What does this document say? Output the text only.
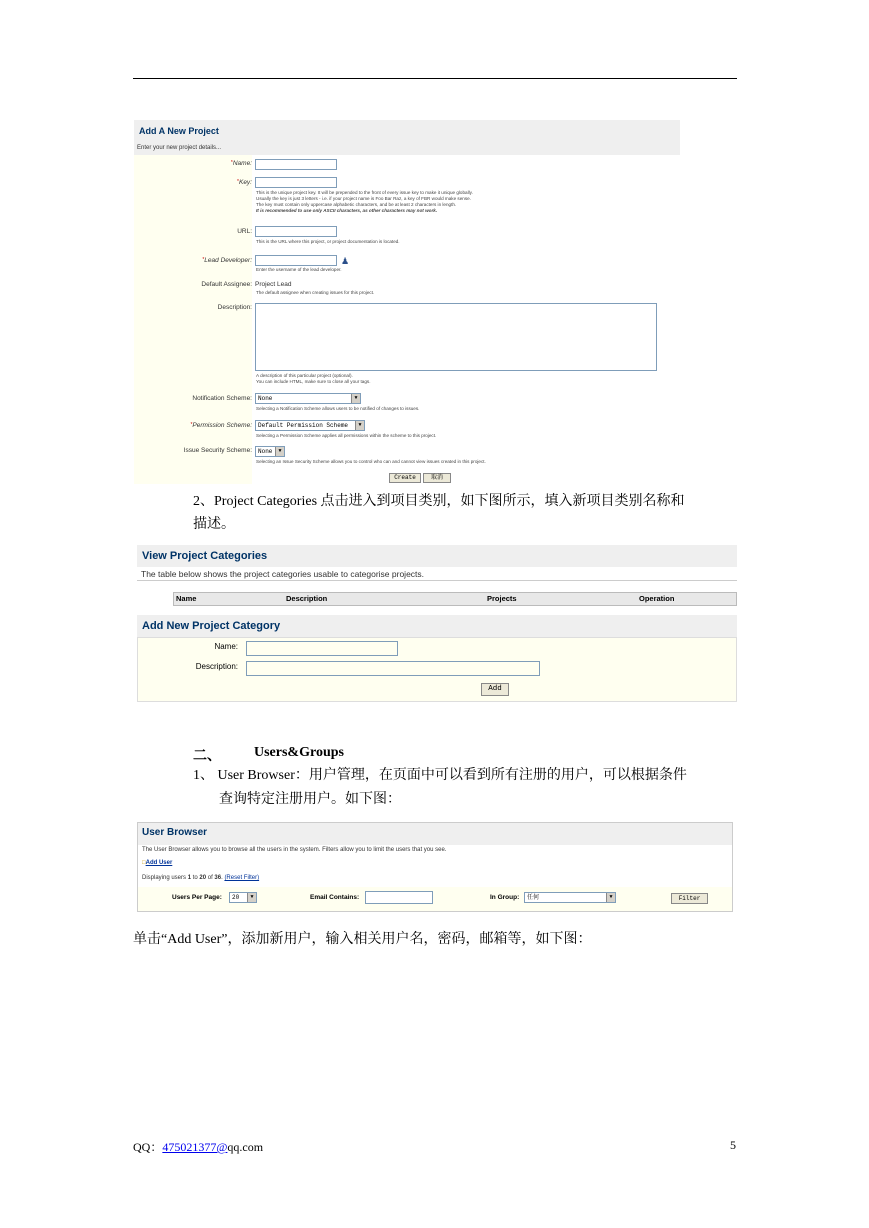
Add A New Project
Enter your new project details...
*Name:
*Key:
This is the unique project key. It will be prepended to the front of every issue key to make it unique globally.
Usually the key is just 3 letters - i.e. if your project name is Foo Bar Raz, a key of FBR would make sense.
The key must contain only uppercase alphabetic characters, and be at least 2 characters in length.
It is recommended to use only ASCII characters, as other characters may not work.
URL:
This is the URL where this project, or project documentation is located.
*Lead Developer:	♟
Enter the username of the lead developer.
Default Assignee: Project Lead
The default assignee when creating issues for this project.
Description:
A description of this particular project (optional).
You can include HTML, make sure to close all your tags.
Notification Scheme:	None	▼
Selecting a Notification Scheme allows users to be notified of changes to issues.
*Permission Scheme:	Default Permission Scheme	▼
Selecting a Permission Scheme applies all permissions within the scheme to this project.
Issue Security Scheme:	None	▼
Selecting an Issue Security Scheme allows you to control who can and cannot view issues created in this project.
Create	取消
2、Project Categories 点击进入到项目类别，如下图所示，填入新项目类别名称和
描述。
View Project Categories
The table below shows the project categories usable to categorise projects.
Name	Description	Projects	Operation
Add New Project Category
Name:
Description:
Add
二、 Users&Groups
1、 User Browser：用户管理，在页面中可以看到所有注册的用户，可以根据条件
查询特定注册用户。如下图：
User Browser
The User Browser allows you to browse all the users in the system. Filters allow you to limit the users that you see.
□Add User
Displaying users 1 to 20 of 36. (Reset Filter)
Users Per Page:	20	▼	Email Contains:	In Group:	任何	▼	Filter
单击“Add User”，添加新用户，输入相关用户名，密码，邮箱等，如下图：
QQ：475021377@qq.com	5
